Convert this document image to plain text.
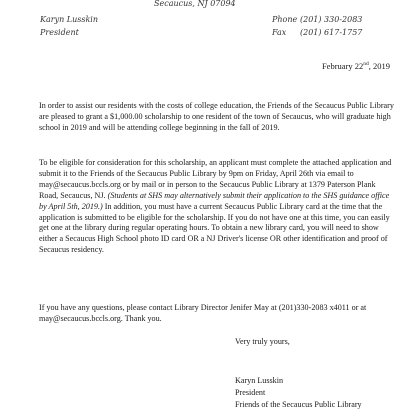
Secaucus, NJ 07094
Karyn Lusskin
President
Phone (201) 330-2083
Fax	(201) 617-1757
February 22nd, 2019

In order to assist our residents with the costs of college education, the Friends of the Secaucus Public Library are pleased to grant a $1,000.00 scholarship to one resident of the town of Secaucus, who will graduate high school in 2019 and will be attending college beginning in the fall of 2019.

To be eligible for consideration for this scholarship, an applicant must complete the attached application and submit it to the Friends of the Secaucus Public Library by 9pm on Friday, April 26th via email to may@secaucus.bccls.org or by mail or in person to the Secaucus Public Library at 1379 Paterson Plank Road, Secaucus, NJ. (Students at SHS may alternatively submit their application to the SHS guidance office by April 5th, 2019.) In addition, you must have a current Secaucus Public Library card at the time that the application is submitted to be eligible for the scholarship. If you do not have one at this time, you can easily get one at the library during regular operating hours. To obtain a new library card, you will need to show either a Secaucus High School photo ID card OR a NJ Driver's license OR other identification and proof of Secaucus residency.

If you have any questions, please contact Library Director Jenifer May at (201)330-2083 x4011 or at may@secaucus.bccls.org. Thank you.

Very truly yours,
Karyn Lusskin
President
Friends of the Secaucus Public Library
